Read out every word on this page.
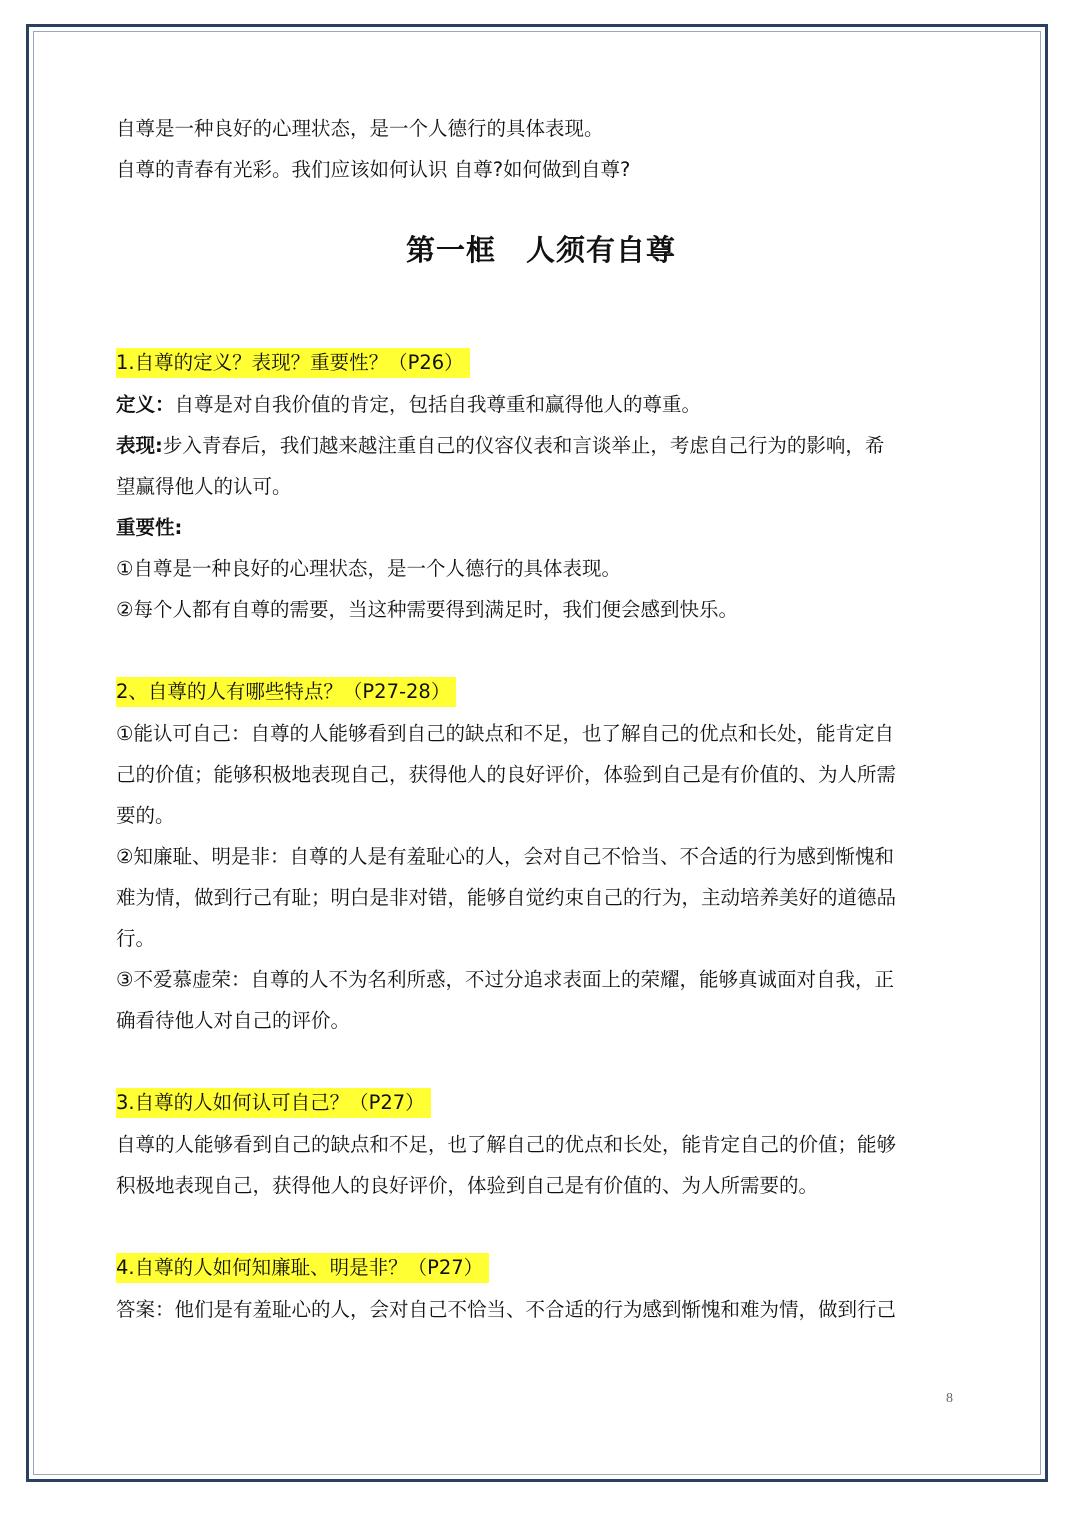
自尊是一种良好的心理状态，是一个人德行的具体表现。

自尊的青春有光彩。我们应该如何认识 自尊?如何做到自尊?

第一框　人须有自尊
1.自尊的定义？表现？重要性？（P26）

定义：自尊是对自我价值的肯定，包括自我尊重和赢得他人的尊重。

表现:步入青春后，我们越来越注重自己的仪容仪表和言谈举止，考虑自己行为的影响，希

望赢得他人的认可。

重要性:

①自尊是一种良好的心理状态，是一个人德行的具体表现。

②每个人都有自尊的需要，当这种需要得到满足时，我们便会感到快乐。

2、自尊的人有哪些特点？（P27-28）

①能认可自己：自尊的人能够看到自己的缺点和不足，也了解自己的优点和长处，能肯定自

己的价值；能够积极地表现自己，获得他人的良好评价，体验到自己是有价值的、为人所需

要的。

②知廉耻、明是非：自尊的人是有羞耻心的人，会对自己不恰当、不合适的行为感到惭愧和

难为情，做到行己有耻；明白是非对错，能够自觉约束自己的行为，主动培养美好的道德品

行。

③不爱慕虚荣：自尊的人不为名利所惑，不过分追求表面上的荣耀，能够真诚面对自我，正

确看待他人对自己的评价。

3.自尊的人如何认可自己？（P27）

自尊的人能够看到自己的缺点和不足，也了解自己的优点和长处，能肯定自己的价值；能够

积极地表现自己，获得他人的良好评价，体验到自己是有价值的、为人所需要的。

4.自尊的人如何知廉耻、明是非？（P27）

答案：他们是有羞耻心的人，会对自己不恰当、不合适的行为感到惭愧和难为情，做到行己

8
